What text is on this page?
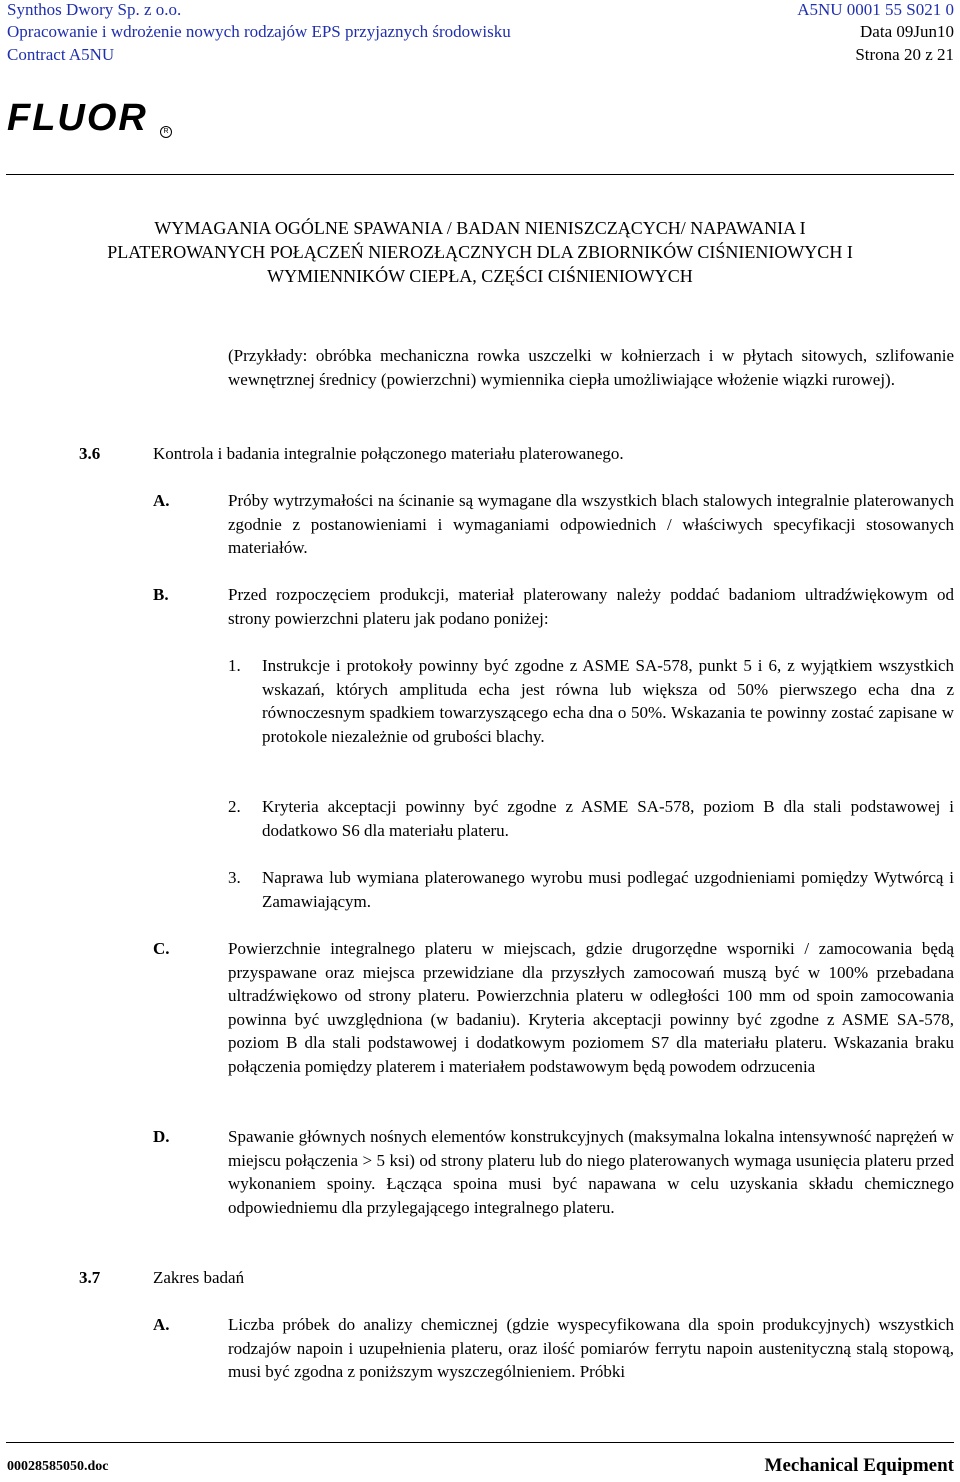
Synthos Dwory Sp. z o.o.	A5NU 0001 55 S021 0
Opracowanie i wdrożenie nowych rodzajów EPS przyjaznych środowisku	Data 09Jun10
Contract A5NU	Strona 20 z 21
FLUOR	R
WYMAGANIA OGÓLNE SPAWANIA / BADAN NIENISZCZĄCYCH/ NAPAWANIA I
PLATEROWANYCH POŁĄCZEŃ NIEROZŁĄCZNYCH DLA ZBIORNIKÓW CIŚNIENIOWYCH I
WYMIENNIKÓW CIEPŁA, CZĘŚCI CIŚNIENIOWYCH
(Przykłady: obróbka mechaniczna rowka uszczelki w kołnierzach i w płytach sitowych, szlifowanie wewnętrznej średnicy (powierzchni) wymiennika ciepła umożliwiające włożenie wiązki rurowej).
3.6	Kontrola i badania integralnie połączonego materiału platerowanego.
A.	Próby wytrzymałości na ścinanie są wymagane dla wszystkich blach stalowych integralnie platerowanych zgodnie z postanowieniami i wymaganiami odpowiednich / właściwych specyfikacji stosowanych materiałów.
B.	Przed rozpoczęciem produkcji, materiał platerowany należy poddać badaniom ultradźwiękowym od strony powierzchni plateru jak podano poniżej:
1. Instrukcje i protokoły powinny być zgodne z ASME SA-578, punkt 5 i 6, z wyjątkiem wszystkich wskazań, których amplituda echa jest równa lub większa od 50% pierwszego echa dna z równoczesnym spadkiem towarzyszącego echa dna o 50%. Wskazania te powinny zostać zapisane w protokole niezależnie od grubości blachy.
2. Kryteria akceptacji powinny być zgodne z ASME SA-578, poziom B dla stali podstawowej i dodatkowo S6 dla materiału plateru.
3. Naprawa lub wymiana platerowanego wyrobu musi podlegać uzgodnieniami pomiędzy Wytwórcą i Zamawiającym.
C.	Powierzchnie integralnego plateru w miejscach, gdzie drugorzędne wsporniki / zamocowania będą przyspawane oraz miejsca przewidziane dla przyszłych zamocowań muszą być w 100% przebadana ultradźwiękowo od strony plateru. Powierzchnia plateru w odległości 100 mm od spoin zamocowania powinna być uwzględniona (w badaniu). Kryteria akceptacji powinny być zgodne z ASME SA-578, poziom B dla stali podstawowej i dodatkowym poziomem S7 dla materiału plateru. Wskazania braku połączenia pomiędzy platerem i materiałem podstawowym będą powodem odrzucenia
D.	Spawanie głównych nośnych elementów konstrukcyjnych (maksymalna lokalna intensywność naprężeń w miejscu połączenia > 5 ksi) od strony plateru lub do niego platerowanych wymaga usunięcia plateru przed wykonaniem spoiny. Łącząca spoina musi być napawana w celu uzyskania składu chemicznego odpowiedniemu dla przylegającego integralnego plateru.
3.7	Zakres badań
A.	Liczba próbek do analizy chemicznej (gdzie wyspecyfikowana dla spoin produkcyjnych) wszystkich rodzajów napoin i uzupełnienia plateru, oraz ilość pomiarów ferrytu napoin austenityczną stalą stopową, musi być zgodna z poniższym wyszczególnieniem. Próbki
00028585050.doc	Mechanical Equipment
